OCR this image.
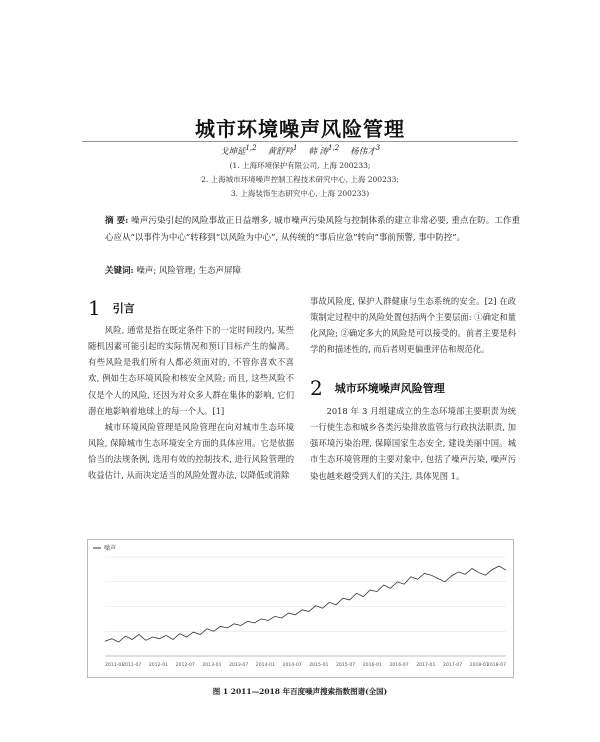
城市环境噪声风险管理
戈坤延$^{1,2}$ 黄舒羚$^1$ 韩 涛$^{1,2}$ 杨伟才$^3$
(1. 上海环境保护有限公司, 上海 200233;
2. 上海城市环境噪声控制工程技术研究中心, 上海 200233;
3. 上海装饰生态研究中心, 上海 200233)
摘 要: 噪声污染引起的风险事故正日益增多, 城市噪声污染风险与控制体系的建立非常必要, 重点在防。工作重心应从“以事件为中心”转移到“以风险为中心”, 从传统的“事后应急”转向“事前预警, 事中防控”。
关键词: 噪声; 风险管理; 生态声屏障
1 引言

风险, 通常是指在既定条件下的一定时间段内, 某些随机因素可能引起的实际情况和预订目标产生的偏离。有些风险是我们所有人都必须面对的, 不管你喜欢不喜欢, 例如生态环境风险和核安全风险; 而且, 这些风险不仅是个人的风险, 还因为对众多人群在集体的影响, 它们潜在地影响着地球上的每一个人。[1]

城市环境风险管理是风险管理在向对城市生态环境风险, 保障城市生态环境安全方面的具体应用。它是依据恰当的法规条例, 选用有效的控制技术, 进行风险管理的收益估计, 从而决定适当的风险处置办法, 以降低或消除

事故风险度, 保护人群健康与生态系统的安全。[2] 在政策制定过程中的风险处置包括两个主要层面: ①确定和量化风险; ②确定多大的风险是可以接受的。前者主要是科学的和描述性的, 而后者则更偏重评估和规范化。

2 城市环境噪声风险管理

2018 年 3 月组建成立的生态环境部主要职责为统一行使生态和城乡各类污染排放监管与行政执法职责, 加强环境污染治理, 保障国家生态安全, 建设美丽中国。城市生态环境管理的主要对象中, 包括了噪声污染, 噪声污染也越来越受到人们的关注, 具体见图 1。

2011-01
2011-07 2012-01 2012-07 2013-01 2013-07 2014-01 2014-07 2015-01 2015-07 2016-01 2016-07 2017-01 2017-07 2018-01
2018-07
噪声
图 1 2011—2018 年百度噪声搜索指数图谱(全国)
